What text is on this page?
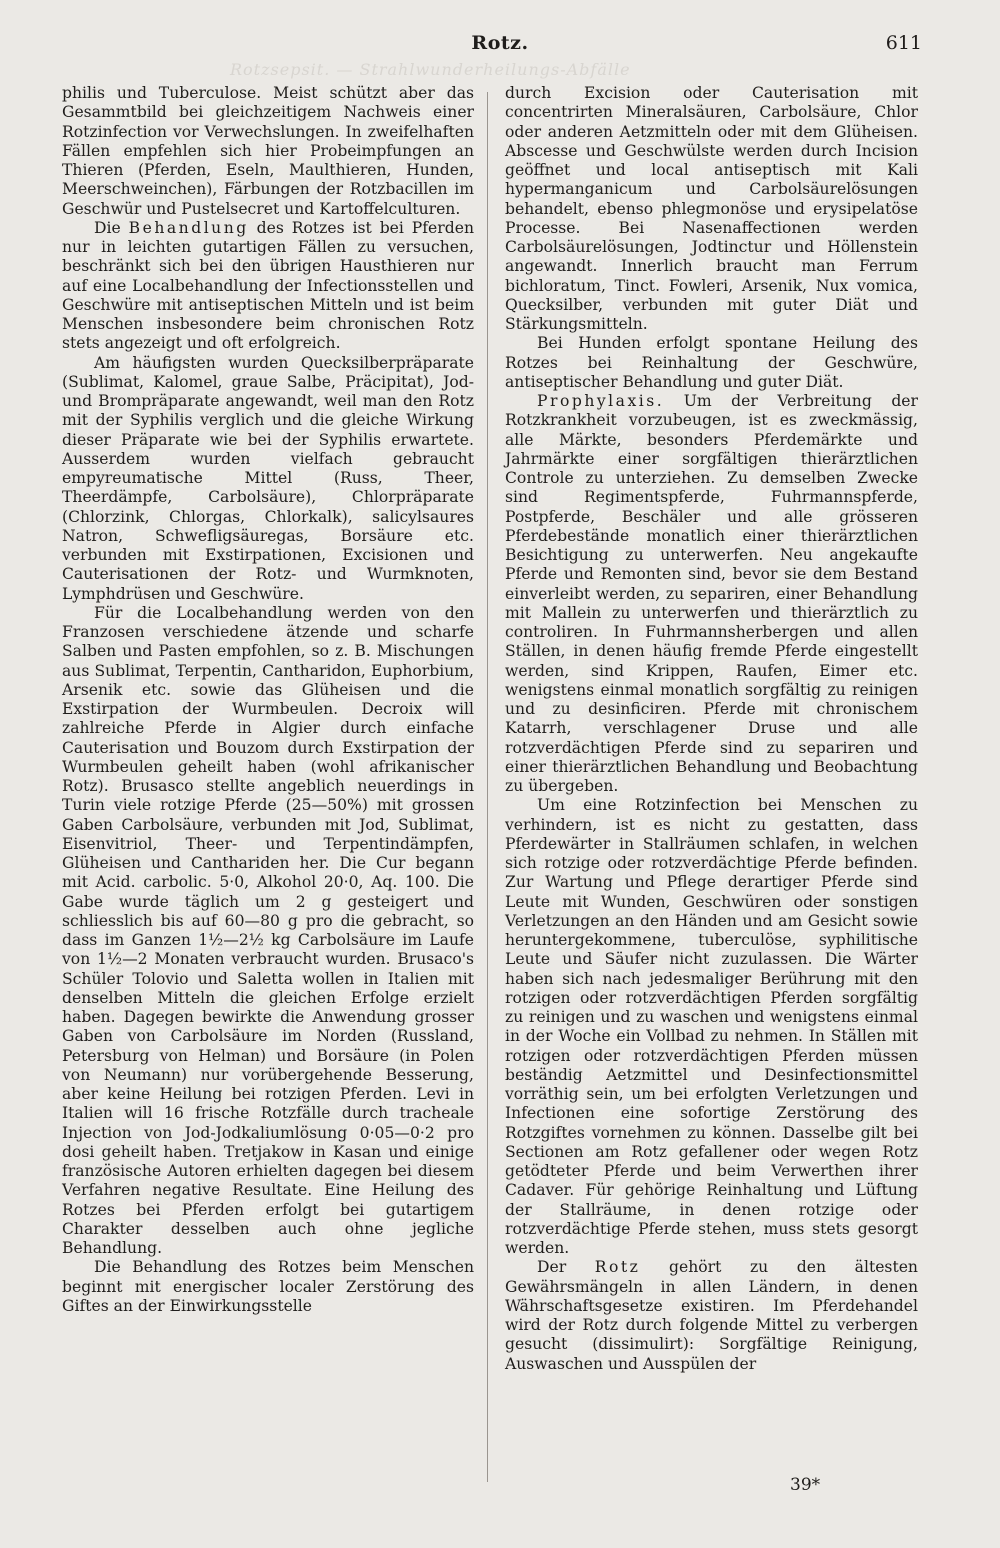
Rotzsepsit. — Strahlwunderheilungs-Abfälle
Rotz.	611

philis und Tuberculose. Meist schützt aber das Gesammtbild bei gleichzeitigem Nachweis einer Rotzinfection vor Verwechslungen. In zweifelhaften Fällen empfehlen sich hier Probeimpfungen an Thieren (Pferden, Eseln, Maulthieren, Hunden, Meerschweinchen), Färbungen der Rotzbacillen im Geschwür und Pustelsecret und Kartoffelculturen.

Die Behandlung des Rotzes ist bei Pferden nur in leichten gutartigen Fällen zu versuchen, beschränkt sich bei den übrigen Hausthieren nur auf eine Localbehandlung der Infectionsstellen und Geschwüre mit antiseptischen Mitteln und ist beim Menschen insbesondere beim chronischen Rotz stets angezeigt und oft erfolgreich.

Am häufigsten wurden Quecksilberpräparate (Sublimat, Kalomel, graue Salbe, Präcipitat), Jod- und Brompräparate angewandt, weil man den Rotz mit der Syphilis verglich und die gleiche Wirkung dieser Präparate wie bei der Syphilis erwartete. Ausserdem wurden vielfach gebraucht empyreumatische Mittel (Russ, Theer, Theerdämpfe, Carbolsäure), Chlorpräparate (Chlorzink, Chlorgas, Chlorkalk), salicylsaures Natron, Schwefligsäuregas, Borsäure etc. verbunden mit Exstirpationen, Excisionen und Cauterisationen der Rotz- und Wurmknoten, Lymphdrüsen und Geschwüre.

Für die Localbehandlung werden von den Franzosen verschiedene ätzende und scharfe Salben und Pasten empfohlen, so z. B. Mischungen aus Sublimat, Terpentin, Cantharidon, Euphorbium, Arsenik etc. sowie das Glüheisen und die Exstirpation der Wurmbeulen. Decroix will zahlreiche Pferde in Algier durch einfache Cauterisation und Bouzom durch Exstirpation der Wurmbeulen geheilt haben (wohl afrikanischer Rotz). Brusasco stellte angeblich neuerdings in Turin viele rotzige Pferde (25—50%) mit grossen Gaben Carbolsäure, verbunden mit Jod, Sublimat, Eisenvitriol, Theer- und Terpentindämpfen, Glüheisen und Canthariden her. Die Cur begann mit Acid. carbolic. 5·0, Alkohol 20·0, Aq. 100. Die Gabe wurde täglich um 2 g gesteigert und schliesslich bis auf 60—80 g pro die gebracht, so dass im Ganzen 1½—2½ kg Carbolsäure im Laufe von 1½—2 Monaten verbraucht wurden. Brusaco's Schüler Tolovio und Saletta wollen in Italien mit denselben Mitteln die gleichen Erfolge erzielt haben. Dagegen bewirkte die Anwendung grosser Gaben von Carbolsäure im Norden (Russland, Petersburg von Helman) und Borsäure (in Polen von Neumann) nur vorübergehende Besserung, aber keine Heilung bei rotzigen Pferden. Levi in Italien will 16 frische Rotzfälle durch tracheale Injection von Jod-Jodkaliumlösung 0·05—0·2 pro dosi geheilt haben. Tretjakow in Kasan und einige französische Autoren erhielten dagegen bei diesem Verfahren negative Resultate. Eine Heilung des Rotzes bei Pferden erfolgt bei gutartigem Charakter desselben auch ohne jegliche Behandlung.

Die Behandlung des Rotzes beim Menschen beginnt mit energischer localer Zerstörung des Giftes an der Einwirkungsstelle

durch Excision oder Cauterisation mit concentrirten Mineralsäuren, Carbolsäure, Chlor oder anderen Aetzmitteln oder mit dem Glüheisen. Abscesse und Geschwülste werden durch Incision geöffnet und local antiseptisch mit Kali hypermanganicum und Carbolsäurelösungen behandelt, ebenso phlegmonöse und erysipelatöse Processe. Bei Nasenaffectionen werden Carbolsäurelösungen, Jodtinctur und Höllenstein angewandt. Innerlich braucht man Ferrum bichloratum, Tinct. Fowleri, Arsenik, Nux vomica, Quecksilber, verbunden mit guter Diät und Stärkungsmitteln.

Bei Hunden erfolgt spontane Heilung des Rotzes bei Reinhaltung der Geschwüre, antiseptischer Behandlung und guter Diät.

Prophylaxis. Um der Verbreitung der Rotzkrankheit vorzubeugen, ist es zweckmässig, alle Märkte, besonders Pferdemärkte und Jahrmärkte einer sorgfältigen thierärztlichen Controle zu unterziehen. Zu demselben Zwecke sind Regimentspferde, Fuhrmannspferde, Postpferde, Beschäler und alle grösseren Pferdebestände monatlich einer thierärztlichen Besichtigung zu unterwerfen. Neu angekaufte Pferde und Remonten sind, bevor sie dem Bestand einverleibt werden, zu separiren, einer Behandlung mit Mallein zu unterwerfen und thierärztlich zu controliren. In Fuhrmannsherbergen und allen Ställen, in denen häufig fremde Pferde eingestellt werden, sind Krippen, Raufen, Eimer etc. wenigstens einmal monatlich sorgfältig zu reinigen und zu desinficiren. Pferde mit chronischem Katarrh, verschlagener Druse und alle rotzverdächtigen Pferde sind zu separiren und einer thierärztlichen Behandlung und Beobachtung zu übergeben.

Um eine Rotzinfection bei Menschen zu verhindern, ist es nicht zu gestatten, dass Pferdewärter in Stallräumen schlafen, in welchen sich rotzige oder rotzverdächtige Pferde befinden. Zur Wartung und Pflege derartiger Pferde sind Leute mit Wunden, Geschwüren oder sonstigen Verletzungen an den Händen und am Gesicht sowie heruntergekommene, tuberculöse, syphilitische Leute und Säufer nicht zuzulassen. Die Wärter haben sich nach jedesmaliger Berührung mit den rotzigen oder rotzverdächtigen Pferden sorgfältig zu reinigen und zu waschen und wenigstens einmal in der Woche ein Vollbad zu nehmen. In Ställen mit rotzigen oder rotzverdächtigen Pferden müssen beständig Aetzmittel und Desinfectionsmittel vorräthig sein, um bei erfolgten Verletzungen und Infectionen eine sofortige Zerstörung des Rotzgiftes vornehmen zu können. Dasselbe gilt bei Sectionen am Rotz gefallener oder wegen Rotz getödteter Pferde und beim Verwerthen ihrer Cadaver. Für gehörige Reinhaltung und Lüftung der Stallräume, in denen rotzige oder rotzverdächtige Pferde stehen, muss stets gesorgt werden.

Der Rotz gehört zu den ältesten Gewährsmängeln in allen Ländern, in denen Währschaftsgesetze existiren. Im Pferdehandel wird der Rotz durch folgende Mittel zu verbergen gesucht (dissimulirt): Sorgfältige Reinigung, Auswaschen und Ausspülen der

39*
